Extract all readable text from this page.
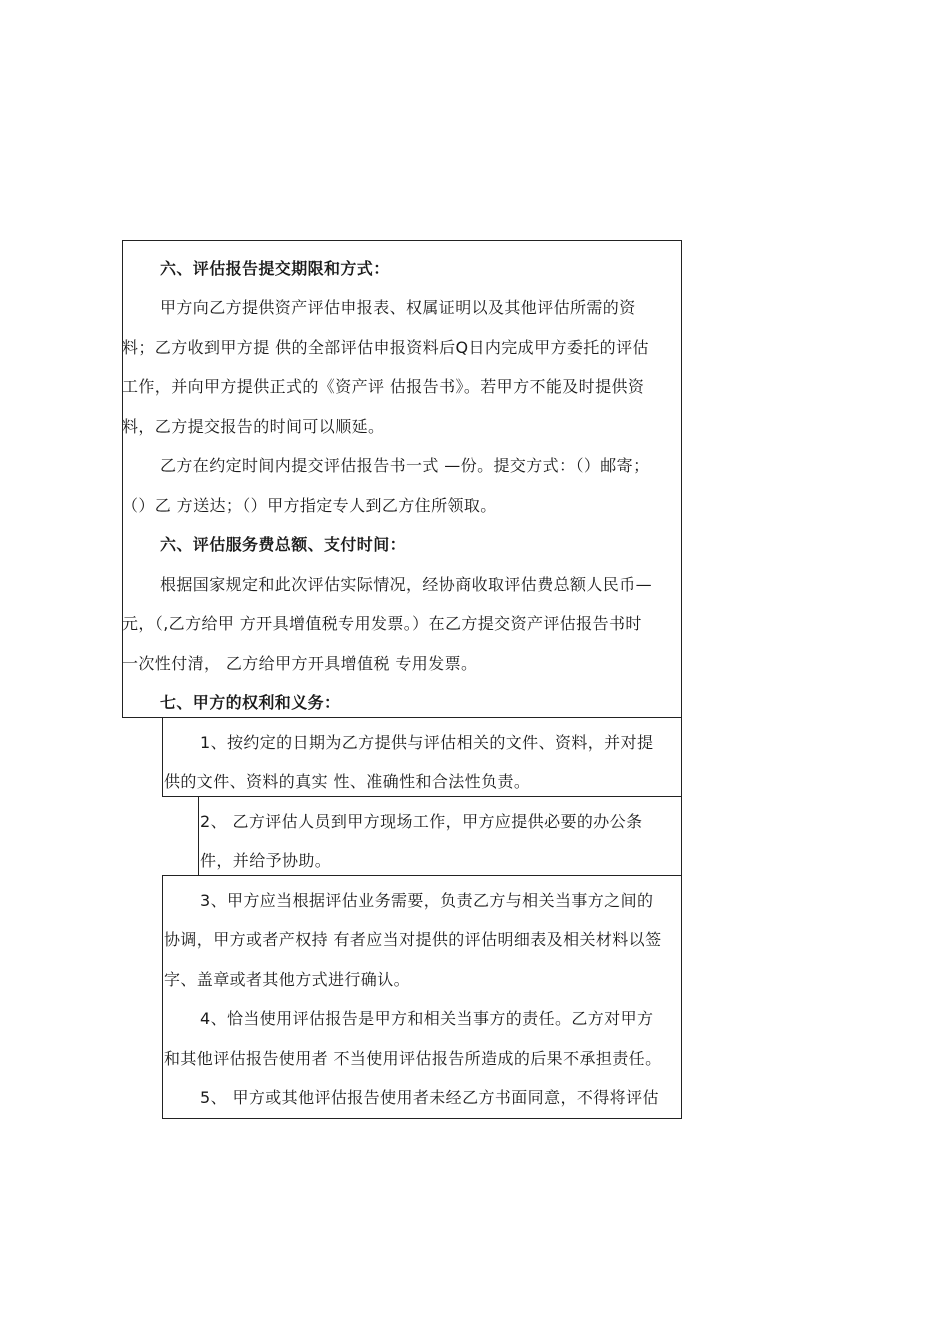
六、评估报告提交期限和方式：
甲方向乙方提供资产评估申报表、权属证明以及其他评估所需的资
料；乙方收到甲方提 供的全部评估申报资料后Q日内完成甲方委托的评估
工作，并向甲方提供正式的《资产评 估报告书》。若甲方不能及时提供资
料，乙方提交报告的时间可以顺延。
乙方在约定时间内提交评估报告书一式 —份。提交方式：（）邮寄；
（）乙 方送达；（）甲方指定专人到乙方住所领取。
六、评估服务费总额、支付时间：
根据国家规定和此次评估实际情况，经协商收取评估费总额人民币—
元，（,乙方给甲 方开具增值税专用发票。）在乙方提交资产评估报告书时
一次性付清， 乙方给甲方开具增值税 专用发票。
七、甲方的权利和义务：
1、按约定的日期为乙方提供与评估相关的文件、资料，并对提
供的文件、资料的真实 性、准确性和合法性负责。
2、 乙方评估人员到甲方现场工作，甲方应提供必要的办公条
件，并给予协助。
3、甲方应当根据评估业务需要，负责乙方与相关当事方之间的
协调，甲方或者产权持 有者应当对提供的评估明细表及相关材料以签
字、盖章或者其他方式进行确认。
4、恰当使用评估报告是甲方和相关当事方的责任。乙方对甲方
和其他评估报告使用者 不当使用评估报告所造成的后果不承担责任。
5、 甲方或其他评估报告使用者未经乙方书面同意，不得将评估
